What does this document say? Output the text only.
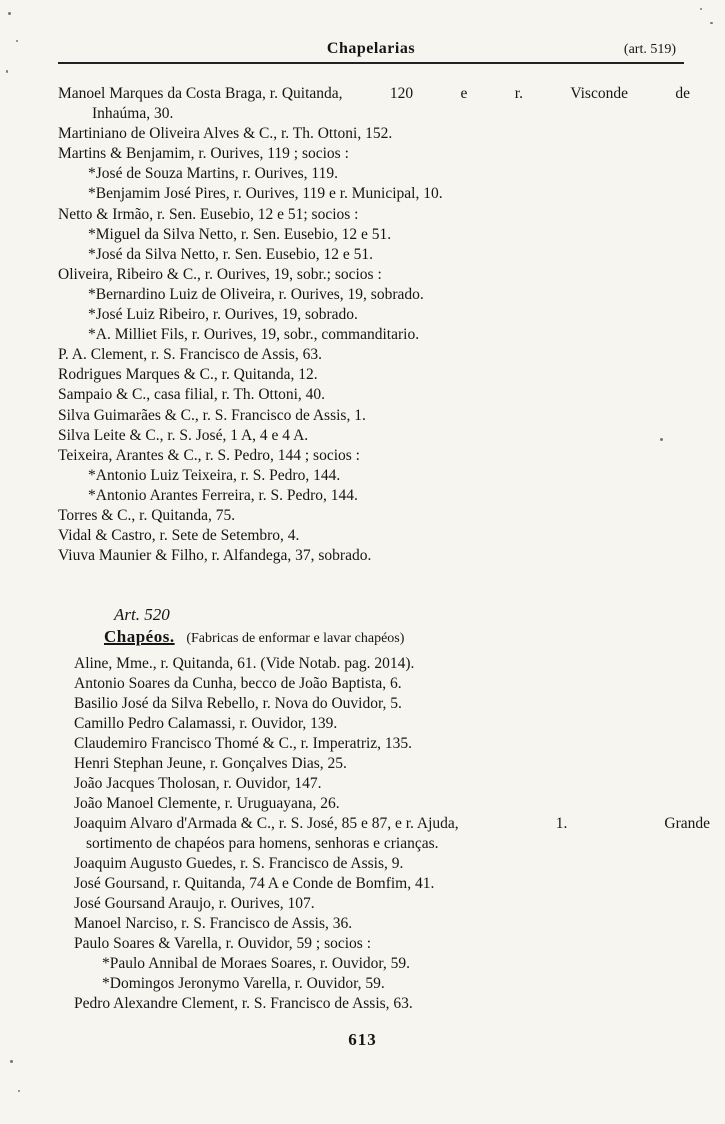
Chapelarias	(art. 519)
Manoel Marques da Costa Braga, r. Quitanda,	120	e	r.	Visconde	de
Inhaúma, 30.
Martiniano de Oliveira Alves & C., r. Th. Ottoni, 152.
Martins & Benjamim, r. Ourives, 119 ; socios :
*José de Souza Martins, r. Ourives, 119.
*Benjamim José Pires, r. Ourives, 119 e r. Municipal, 10.
Netto & Irmão, r. Sen. Eusebio, 12 e 51; socios :
*Miguel da Silva Netto, r. Sen. Eusebio, 12 e 51.
*José da Silva Netto, r. Sen. Eusebio, 12 e 51.
Oliveira, Ribeiro & C., r. Ourives, 19, sobr.; socios :
*Bernardino Luiz de Oliveira, r. Ourives, 19, sobrado.
*José Luiz Ribeiro, r. Ourives, 19, sobrado.
*A. Milliet Fils, r. Ourives, 19, sobr., commanditario.
P. A. Clement, r. S. Francisco de Assis, 63.
Rodrigues Marques & C., r. Quitanda, 12.
Sampaio & C., casa filial, r. Th. Ottoni, 40.
Silva Guimarães & C., r. S. Francisco de Assis, 1.
Silva Leite & C., r. S. José, 1 A, 4 e 4 A.
Teixeira, Arantes & C., r. S. Pedro, 144 ; socios :
*Antonio Luiz Teixeira, r. S. Pedro, 144.
*Antonio Arantes Ferreira, r. S. Pedro, 144.
Torres & C., r. Quitanda, 75.
Vidal & Castro, r. Sete de Setembro, 4.
Viuva Maunier & Filho, r. Alfandega, 37, sobrado.
Art. 520
Chapéos. (Fabricas de enformar e lavar chapéos)
Aline, Mme., r. Quitanda, 61. (Vide Notab. pag. 2014).
Antonio Soares da Cunha, becco de João Baptista, 6.
Basilio José da Silva Rebello, r. Nova do Ouvidor, 5.
Camillo Pedro Calamassi, r. Ouvidor, 139.
Claudemiro Francisco Thomé & C., r. Imperatriz, 135.
Henri Stephan Jeune, r. Gonçalves Dias, 25.
João Jacques Tholosan, r. Ouvidor, 147.
João Manoel Clemente, r. Uruguayana, 26.
Joaquim Alvaro d'Armada & C., r. S. José, 85 e 87, e r. Ajuda,	1.	Grande
sortimento de chapéos para homens, senhoras e crianças.
Joaquim Augusto Guedes, r. S. Francisco de Assis, 9.
José Goursand, r. Quitanda, 74 A e Conde de Bomfim, 41.
José Goursand Araujo, r. Ourives, 107.
Manoel Narciso, r. S. Francisco de Assis, 36.
Paulo Soares & Varella, r. Ouvidor, 59 ; socios :
*Paulo Annibal de Moraes Soares, r. Ouvidor, 59.
*Domingos Jeronymo Varella, r. Ouvidor, 59.
Pedro Alexandre Clement, r. S. Francisco de Assis, 63.
613
